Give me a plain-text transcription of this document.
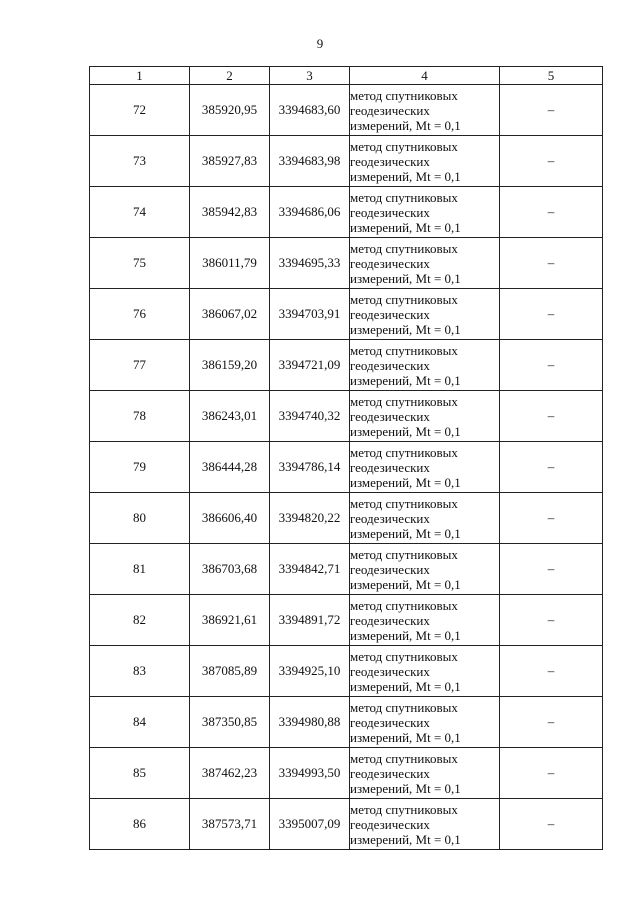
9
1	2	3	4	5
72	385920,95	3394683,60	метод спутниковых
геодезических
измерений, Mt = 0,1	–
73	385927,83	3394683,98	метод спутниковых
геодезических
измерений, Mt = 0,1	–
74	385942,83	3394686,06	метод спутниковых
геодезических
измерений, Mt = 0,1	–
75	386011,79	3394695,33	метод спутниковых
геодезических
измерений, Mt = 0,1	–
76	386067,02	3394703,91	метод спутниковых
геодезических
измерений, Mt = 0,1	–
77	386159,20	3394721,09	метод спутниковых
геодезических
измерений, Mt = 0,1	–
78	386243,01	3394740,32	метод спутниковых
геодезических
измерений, Mt = 0,1	–
79	386444,28	3394786,14	метод спутниковых
геодезических
измерений, Mt = 0,1	–
80	386606,40	3394820,22	метод спутниковых
геодезических
измерений, Mt = 0,1	–
81	386703,68	3394842,71	метод спутниковых
геодезических
измерений, Mt = 0,1	–
82	386921,61	3394891,72	метод спутниковых
геодезических
измерений, Mt = 0,1	–
83	387085,89	3394925,10	метод спутниковых
геодезических
измерений, Mt = 0,1	–
84	387350,85	3394980,88	метод спутниковых
геодезических
измерений, Mt = 0,1	–
85	387462,23	3394993,50	метод спутниковых
геодезических
измерений, Mt = 0,1	–
86	387573,71	3395007,09	метод спутниковых
геодезических
измерений, Mt = 0,1	–
